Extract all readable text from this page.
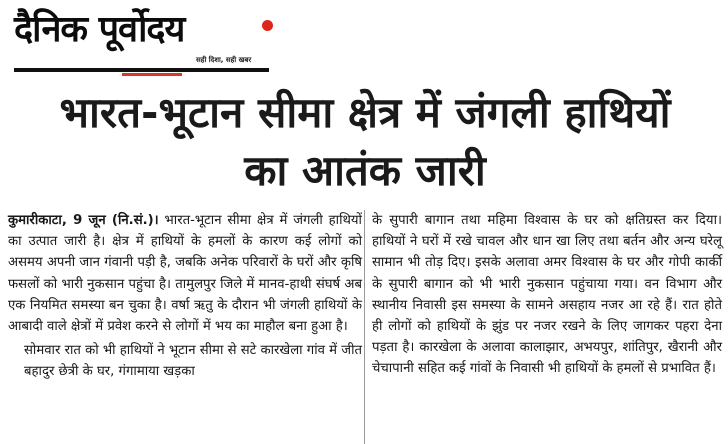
दैनिक पूर्वोदय
सही दिशा, सही खबर
भारत-भूटान सीमा क्षेत्र में जंगली हाथियों का आतंक जारी

कुमारीकाटा, 9 जून (नि.सं.)। भारत-भूटान सीमा क्षेत्र में जंगली हाथियों का उत्पात जारी है। क्षेत्र में हाथियों के हमलों के कारण कई लोगों को असमय अपनी जान गंवानी पड़ी है, जबकि अनेक परिवारों के घरों और कृषि फसलों को भारी नुकसान पहुंचा है। तामुलपुर जिले में मानव-हाथी संघर्ष अब एक नियमित समस्या बन चुका है। वर्षा ऋतु के दौरान भी जंगली हाथियों के आबादी वाले क्षेत्रों में प्रवेश करने से लोगों में भय का माहौल बना हुआ है।

सोमवार रात को भी हाथियों ने भूटान सीमा से सटे कारखेला गांव में जीत बहादुर छेत्री के घर, गंगामाया खड़का

के सुपारी बागान तथा महिमा विश्वास के घर को क्षतिग्रस्त कर दिया। हाथियों ने घरों में रखे चावल और धान खा लिए तथा बर्तन और अन्य घरेलू सामान भी तोड़ दिए। इसके अलावा अमर विश्वास के घर और गोपी कार्की के सुपारी बागान को भी भारी नुकसान पहुंचाया गया। वन विभाग और स्थानीय निवासी इस समस्या के सामने असहाय नजर आ रहे हैं। रात होते ही लोगों को हाथियों के झुंड पर नजर रखने के लिए जागकर पहरा देना पड़ता है। कारखेला के अलावा कालाझार, अभयपुर, शांतिपुर, खैरानी और चेचापानी सहित कई गांवों के निवासी भी हाथियों के हमलों से प्रभावित हैं।
